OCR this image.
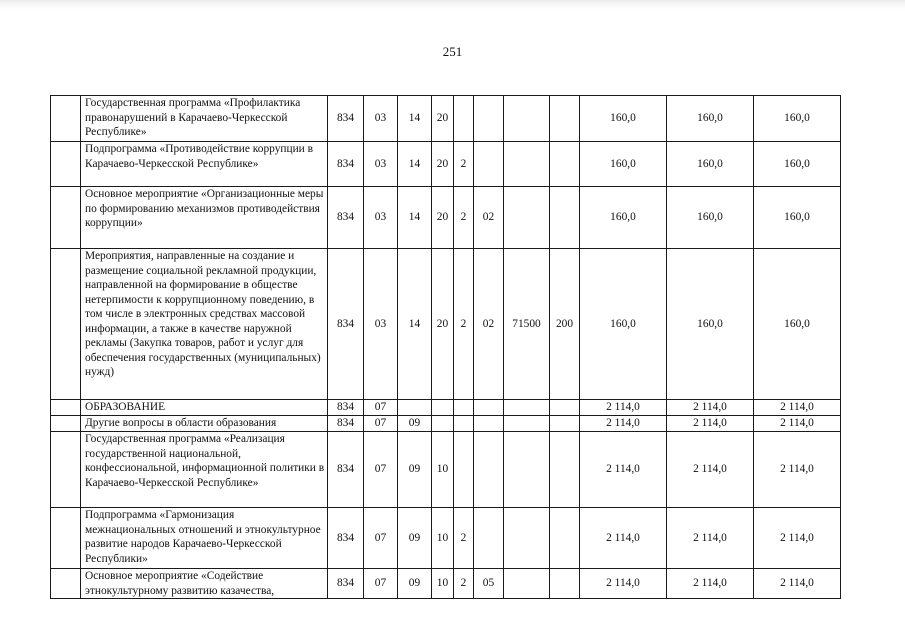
251
	Государственная программа «Профилактика правонарушений в Карачаево-Черкесской Республике»	834	03	14	20					160,0	160,0	160,0
	Подпрограмма «Противодействие коррупции в Карачаево-Черкесской Республике»	834	03	14	20	2				160,0	160,0	160,0
	Основное мероприятие «Организационные меры по формированию механизмов противодействия коррупции»	834	03	14	20	2	02			160,0	160,0	160,0
	Мероприятия, направленные на создание и размещение социальной рекламной продукции, направленной на формирование в обществе нетерпимости к коррупционному поведению, в том числе в электронных средствах массовой информации, а также в качестве наружной рекламы (Закупка товаров, работ и услуг для обеспечения государственных (муниципальных) нужд)	834	03	14	20	2	02	71500	200	160,0	160,0	160,0
	ОБРАЗОВАНИЕ	834	07							2 114,0	2 114,0	2 114,0
	Другие вопросы в области образования	834	07	09						2 114,0	2 114,0	2 114,0
	Государственная программа «Реализация государственной национальной, конфессиональной, информационной политики в Карачаево-Черкесской Республике»	834	07	09	10					2 114,0	2 114,0	2 114,0
	Подпрограмма «Гармонизация межнациональных отношений и этнокультурное развитие народов Карачаево-Черкесской Республики»	834	07	09	10	2				2 114,0	2 114,0	2 114,0
	Основное мероприятие «Содействие этнокультурному развитию казачества,	834	07	09	10	2	05			2 114,0	2 114,0	2 114,0
